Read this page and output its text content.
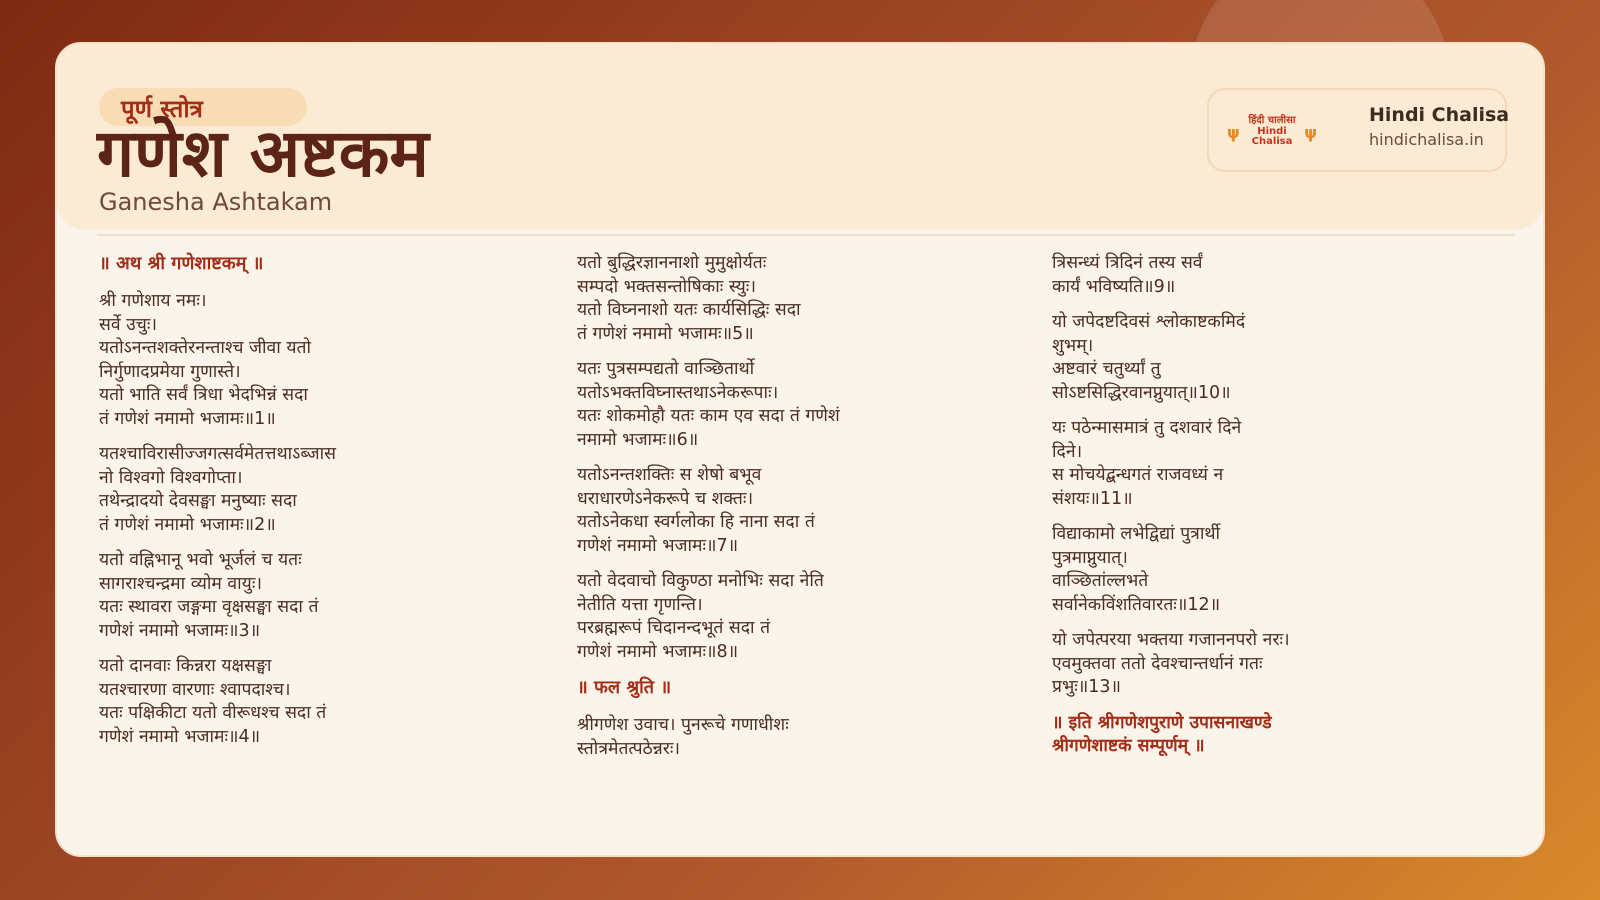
पूर्ण स्तोत्र
गणेश अष्टकम
Ganesha Ashtakam
ψ
हिंदी चालीसा
Hindi Chalisa
ψ
Hindi Chalisa
hindichalisa.in
॥ अथ श्री गणेशाष्टकम् ॥
श्री गणेशाय नमः।
सर्वे उचुः।
यतोऽनन्तशक्तेरनन्ताश्च जीवा यतो
निर्गुणादप्रमेया गुणास्ते।
यतो भाति सर्वं त्रिधा भेदभिन्नं सदा
तं गणेशं नमामो भजामः॥1॥
यतश्चाविरासीज्जगत्सर्वमेतत्तथाऽब्जास
नो विश्वगो विश्वगोप्ता।
तथेन्द्रादयो देवसङ्घा मनुष्याः सदा
तं गणेशं नमामो भजामः॥2॥
यतो वह्निभानू भवो भूर्जलं च यतः
सागराश्चन्द्रमा व्योम वायुः।
यतः स्थावरा जङ्गमा वृक्षसङ्घा सदा तं
गणेशं नमामो भजामः॥3॥
यतो दानवाः किन्नरा यक्षसङ्घा
यतश्चारणा वारणाः श्वापदाश्च।
यतः पक्षिकीटा यतो वीरूधश्च सदा तं
गणेशं नमामो भजामः॥4॥
यतो बुद्धिरज्ञाननाशो मुमुक्षोर्यतः
सम्पदो भक्तसन्तोषिकाः स्युः।
यतो विघ्ननाशो यतः कार्यसिद्धिः सदा
तं गणेशं नमामो भजामः॥5॥
यतः पुत्रसम्पद्यतो वाञ्छितार्थो
यतोऽभक्तविघ्नास्तथाऽनेकरूपाः।
यतः शोकमोहौ यतः काम एव सदा तं गणेशं
नमामो भजामः॥6॥
यतोऽनन्तशक्तिः स शेषो बभूव
धराधारणेऽनेकरूपे च शक्तः।
यतोऽनेकधा स्वर्गलोका हि नाना सदा तं
गणेशं नमामो भजामः॥7॥
यतो वेदवाचो विकुण्ठा मनोभिः सदा नेति
नेतीति यत्ता गृणन्ति।
परब्रह्मरूपं चिदानन्दभूतं सदा तं
गणेशं नमामो भजामः॥8॥
॥ फल श्रुति ॥
श्रीगणेश उवाच। पुनरूचे गणाधीशः
स्तोत्रमेतत्पठेन्नरः।
त्रिसन्ध्यं त्रिदिनं तस्य सर्वं
कार्यं भविष्यति॥9॥
यो जपेदष्टदिवसं श्लोकाष्टकमिदं
शुभम्।
अष्टवारं चतुर्थ्यां तु
सोऽष्टसिद्धिरवानप्नुयात्॥10॥
यः पठेन्मासमात्रं तु दशवारं दिने
दिने।
स मोचयेद्बन्धगतं राजवध्यं न
संशयः॥11॥
विद्याकामो लभेद्विद्यां पुत्रार्थी
पुत्रमाप्नुयात्।
वाञ्छितांल्लभते
सर्वानेकविंशतिवारतः॥12॥
यो जपेत्परया भक्तया गजाननपरो नरः।
एवमुक्तवा ततो देवश्चान्तर्धानं गतः
प्रभुः॥13॥
॥ इति श्रीगणेशपुराणे उपासनाखण्डे
श्रीगणेशाष्टकं सम्पूर्णम् ॥
